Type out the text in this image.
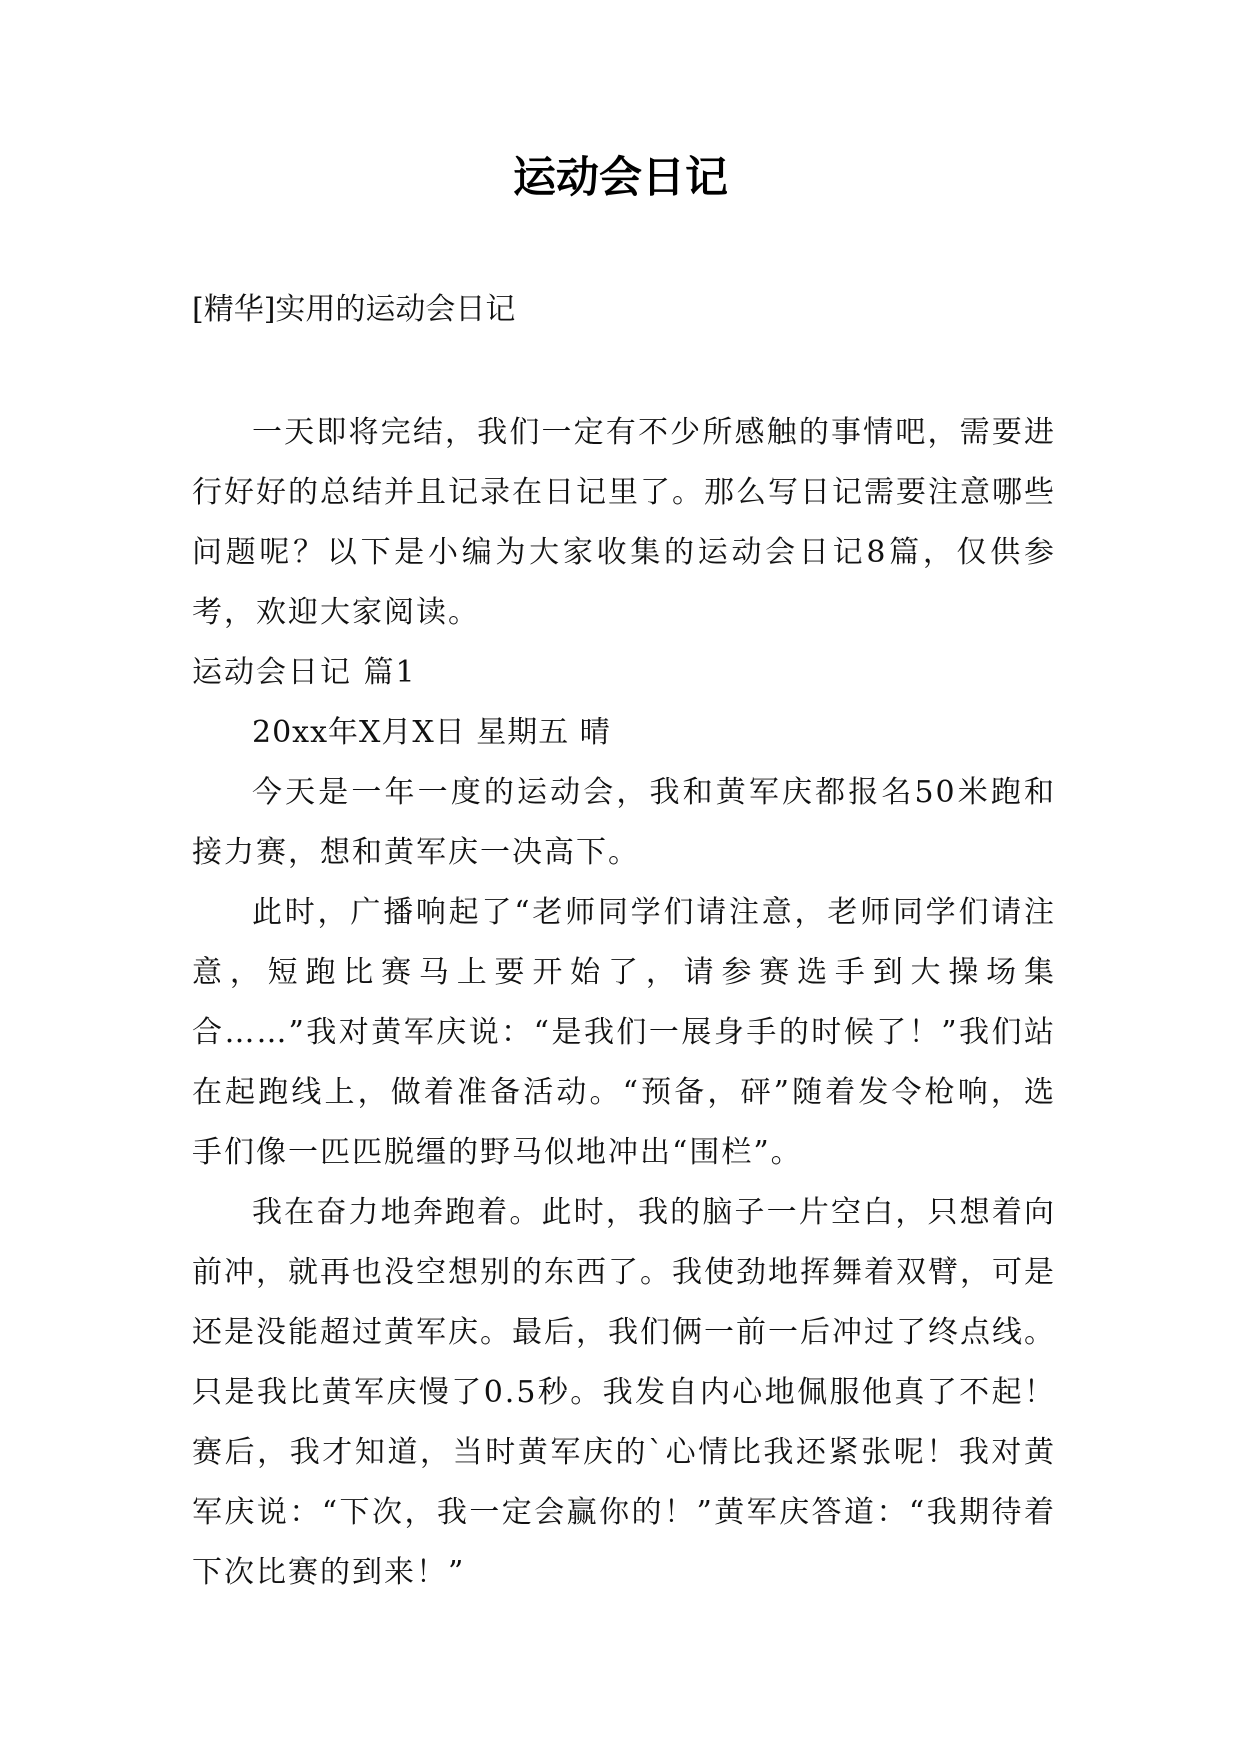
运动会日记
[精华]实用的运动会日记

一天即将完结，我们一定有不少所感触的事情吧，需要进行好好的总结并且记录在日记里了。那么写日记需要注意哪些问题呢？以下是小编为大家收集的运动会日记8篇，仅供参考，欢迎大家阅读。

运动会日记 篇1

20xx年X月X日 星期五 晴

今天是一年一度的运动会，我和黄军庆都报名50米跑和接力赛，想和黄军庆一决高下。

此时，广播响起了“老师同学们请注意，老师同学们请注意，短跑比赛马上要开始了，请参赛选手到大操场集合……”我对黄军庆说：“是我们一展身手的时候了！”我们站在起跑线上，做着准备活动。“预备，砰”随着发令枪响，选手们像一匹匹脱缰的野马似地冲出“围栏”。

我在奋力地奔跑着。此时，我的脑子一片空白，只想着向前冲，就再也没空想别的东西了。我使劲地挥舞着双臂，可是还是没能超过黄军庆。最后，我们俩一前一后冲过了终点线。只是我比黄军庆慢了0.5秒。我发自内心地佩服他真了不起！赛后，我才知道，当时黄军庆的`心情比我还紧张呢！我对黄军庆说：“下次，我一定会赢你的！”黄军庆答道：“我期待着下次比赛的到来！”
